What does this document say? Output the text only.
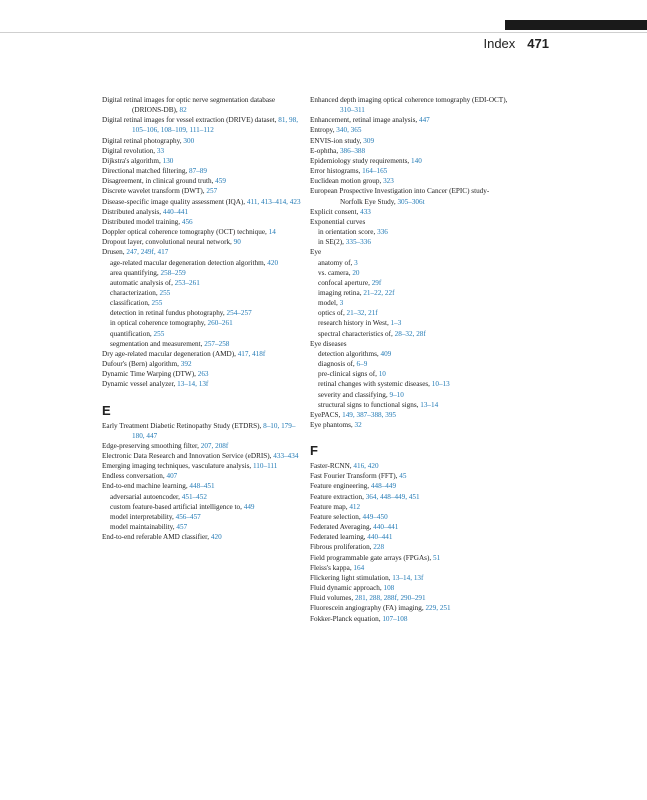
Index 471
Digital retinal images for optic nerve segmentation database (DRIONS-DB), 82
Digital retinal images for vessel extraction (DRIVE) dataset, 81, 98, 105–106, 108–109, 111–112
Digital retinal photography, 300
Digital revolution, 33
Dijkstra's algorithm, 130
Directional matched filtering, 87–89
Disagreement, in clinical ground truth, 459
Discrete wavelet transform (DWT), 257
Disease-specific image quality assessment (IQA), 411, 413–414, 423
Distributed analysis, 440–441
Distributed model training, 456
Doppler optical coherence tomography (OCT) technique, 14
Dropout layer, convolutional neural network, 90
Drusen, 247, 249f, 417
age-related macular degeneration detection algorithm, 420
area quantifying, 258–259
automatic analysis of, 253–261
characterization, 255
classification, 255
detection in retinal fundus photography, 254–257
in optical coherence tomography, 260–261
quantification, 255
segmentation and measurement, 257–258
Dry age-related macular degeneration (AMD), 417, 418f
Dufour's (Bern) algorithm, 392
Dynamic Time Warping (DTW), 263
Dynamic vessel analyzer, 13–14, 13f
E
Early Treatment Diabetic Retinopathy Study (ETDRS), 8–10, 179–180, 447
Edge-preserving smoothing filter, 207, 208f
Electronic Data Research and Innovation Service (eDRIS), 433–434
Emerging imaging techniques, vasculature analysis, 110–111
Endless conversation, 407
End-to-end machine learning, 448–451
adversarial autoencoder, 451–452
custom feature-based artificial intelligence to, 449
model interpretability, 456–457
model maintainability, 457
End-to-end referable AMD classifier, 420
Enhanced depth imaging optical coherence tomography (EDI-OCT), 310–311
Enhancement, retinal image analysis, 447
Entropy, 340, 365
ENVIS-ion study, 309
E-ophtha, 386–388
Epidemiology study requirements, 140
Error histograms, 164–165
Euclidean motion group, 323
European Prospective Investigation into Cancer (EPIC) study-Norfolk Eye Study, 305–306t
Explicit consent, 433
Exponential curves
in orientation score, 336
in SE(2), 335–336
Eye
anatomy of, 3
vs. camera, 20
confocal aperture, 29f
imaging retina, 21–22, 22f
model, 3
optics of, 21–32, 21f
research history in West, 1–3
spectral characteristics of, 28–32, 28f
Eye diseases
detection algorithms, 409
diagnosis of, 6–9
pre-clinical signs of, 10
retinal changes with systemic diseases, 10–13
severity and classifying, 9–10
structural signs to functional signs, 13–14
EyePACS, 149, 387–388, 395
Eye phantoms, 32
F
Faster-RCNN, 416, 420
Fast Fourier Transform (FFT), 45
Feature engineering, 448–449
Feature extraction, 364, 448–449, 451
Feature map, 412
Feature selection, 449–450
Federated Averaging, 440–441
Federated learning, 440–441
Fibrous proliferation, 228
Field programmable gate arrays (FPGAs), 51
Fleiss's kappa, 164
Flickering light stimulation, 13–14, 13f
Fluid dynamic approach, 108
Fluid volumes, 281, 288, 288f, 290–291
Fluorescein angiography (FA) imaging, 229, 251
Fokker-Planck equation, 107–108
